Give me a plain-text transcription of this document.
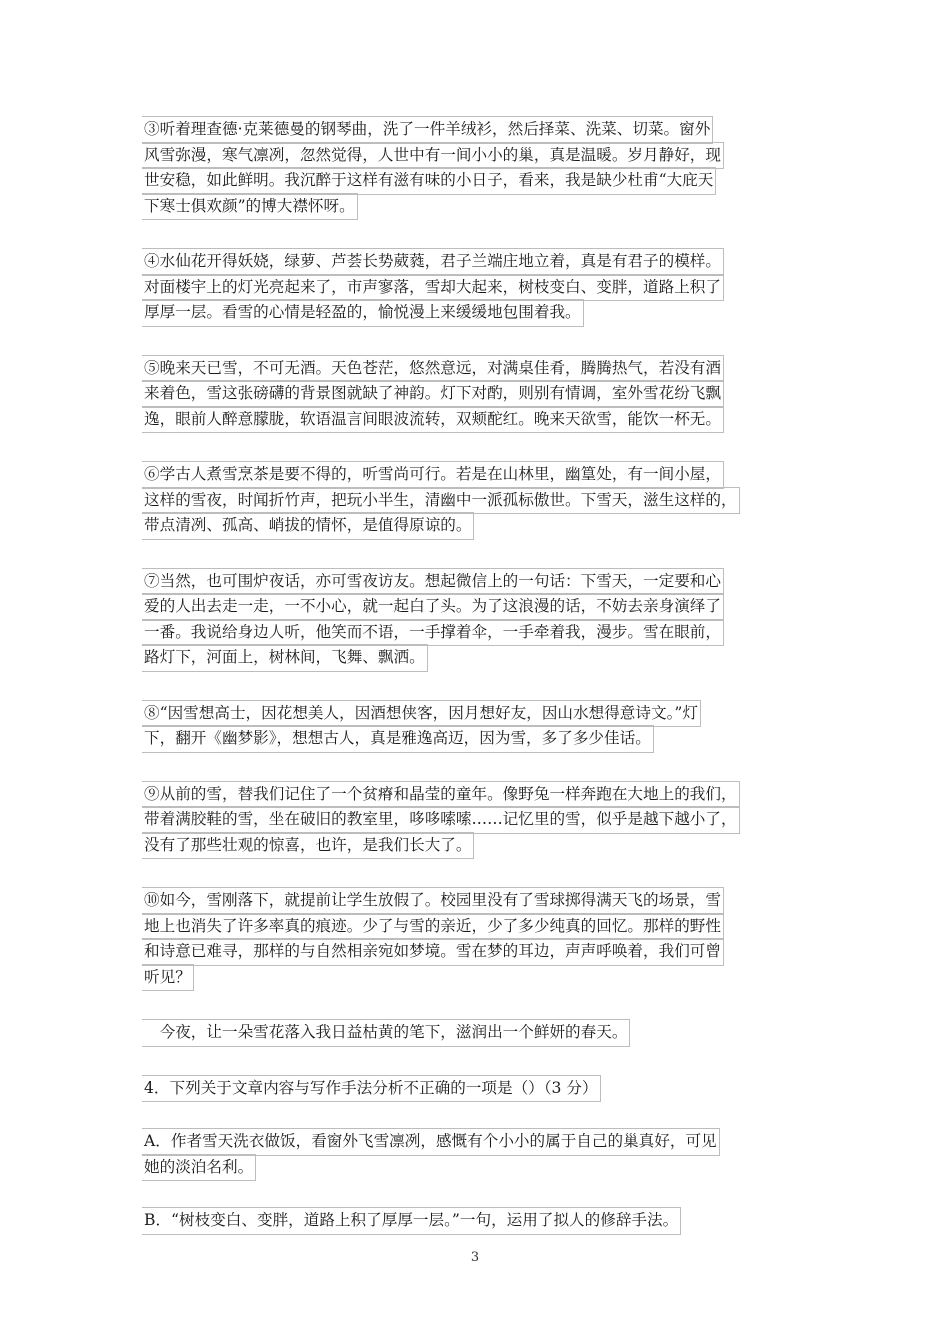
③听着理查德·克莱德曼的钢琴曲，洗了一件羊绒衫，然后择菜、洗菜、切菜。窗外
风雪弥漫，寒气凛冽，忽然觉得，人世中有一间小小的巢，真是温暖。岁月静好，现
世安稳，如此鲜明。我沉醉于这样有滋有味的小日子，看来，我是缺少杜甫“大庇天
下寒士俱欢颜”的博大襟怀呀。
④水仙花开得妖娆，绿萝、芦荟长势葳蕤，君子兰端庄地立着，真是有君子的模样。
对面楼宇上的灯光亮起来了，市声寥落，雪却大起来，树枝变白、变胖，道路上积了
厚厚一层。看雪的心情是轻盈的，愉悦漫上来缓缓地包围着我。
⑤晚来天已雪，不可无酒。天色苍茫，悠然意远，对满桌佳肴，腾腾热气，若没有酒
来着色，雪这张磅礴的背景图就缺了神韵。灯下对酌，则别有情调，室外雪花纷飞飘
逸，眼前人醉意朦胧，软语温言间眼波流转，双颊酡红。晚来天欲雪，能饮一杯无。
⑥学古人煮雪烹茶是要不得的，听雪尚可行。若是在山林里，幽篁处，有一间小屋，
这样的雪夜，时闻折竹声，把玩小半生，清幽中一派孤标傲世。下雪天，滋生这样的，
带点清冽、孤高、峭拔的情怀，是值得原谅的。
⑦当然，也可围炉夜话，亦可雪夜访友。想起微信上的一句话：下雪天，一定要和心
爱的人出去走一走，一不小心，就一起白了头。为了这浪漫的话，不妨去亲身演绎了
一番。我说给身边人听，他笑而不语，一手撑着伞，一手牵着我，漫步。雪在眼前，
路灯下，河面上，树林间，飞舞、飘洒。
⑧“因雪想高士，因花想美人，因酒想侠客，因月想好友，因山水想得意诗文。”灯
下，翻开《幽梦影》，想想古人，真是雅逸高迈，因为雪，多了多少佳话。
⑨从前的雪，替我们记住了一个贫瘠和晶莹的童年。像野兔一样奔跑在大地上的我们，
带着满胶鞋的雪，坐在破旧的教室里，哆哆嗦嗦……记忆里的雪，似乎是越下越小了，
没有了那些壮观的惊喜，也许，是我们长大了。
⑩如今，雪刚落下，就提前让学生放假了。校园里没有了雪球掷得满天飞的场景，雪
地上也消失了许多率真的痕迹。少了与雪的亲近，少了多少纯真的回忆。那样的野性
和诗意已难寻，那样的与自然相亲宛如梦境。雪在梦的耳边，声声呼唤着，我们可曾
听见？
　今夜，让一朵雪花落入我日益枯黄的笔下，滋润出一个鲜妍的春天。
4．下列关于文章内容与写作手法分析不正确的一项是（）（3 分）
A．作者雪天洗衣做饭，看窗外飞雪凛冽，感慨有个小小的属于自己的巢真好，可见
她的淡泊名利。
B．“树枝变白、变胖，道路上积了厚厚一层。”一句，运用了拟人的修辞手法。
3
